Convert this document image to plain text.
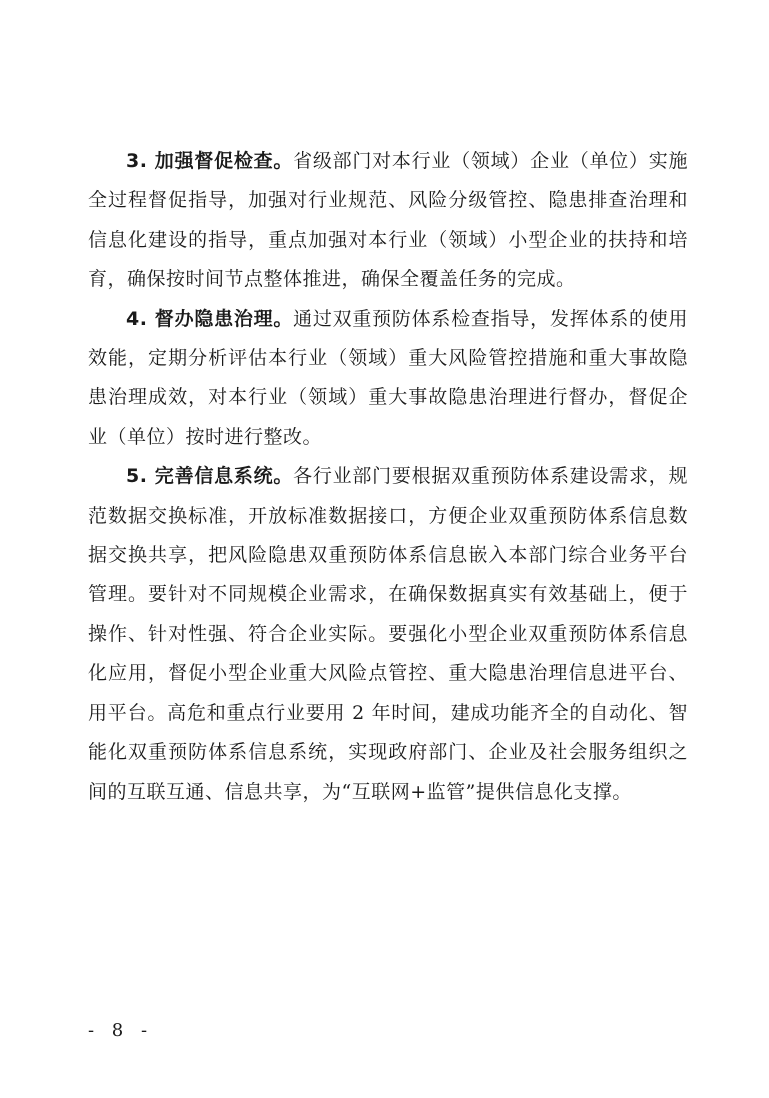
3. 加强督促检查。省级部门对本行业（领域）企业（单位）实施全过程督促指导，加强对行业规范、风险分级管控、隐患排查治理和信息化建设的指导，重点加强对本行业（领域）小型企业的扶持和培育，确保按时间节点整体推进，确保全覆盖任务的完成。

4. 督办隐患治理。通过双重预防体系检查指导，发挥体系的使用效能，定期分析评估本行业（领域）重大风险管控措施和重大事故隐患治理成效，对本行业（领域）重大事故隐患治理进行督办，督促企业（单位）按时进行整改。

5. 完善信息系统。各行业部门要根据双重预防体系建设需求，规范数据交换标准，开放标准数据接口，方便企业双重预防体系信息数据交换共享，把风险隐患双重预防体系信息嵌入本部门综合业务平台管理。要针对不同规模企业需求，在确保数据真实有效基础上，便于操作、针对性强、符合企业实际。要强化小型企业双重预防体系信息化应用，督促小型企业重大风险点管控、重大隐患治理信息进平台、用平台。高危和重点行业要用 2 年时间，建成功能齐全的自动化、智能化双重预防体系信息系统，实现政府部门、企业及社会服务组织之间的互联互通、信息共享，为“互联网+监管”提供信息化支撑。

- 8 -
